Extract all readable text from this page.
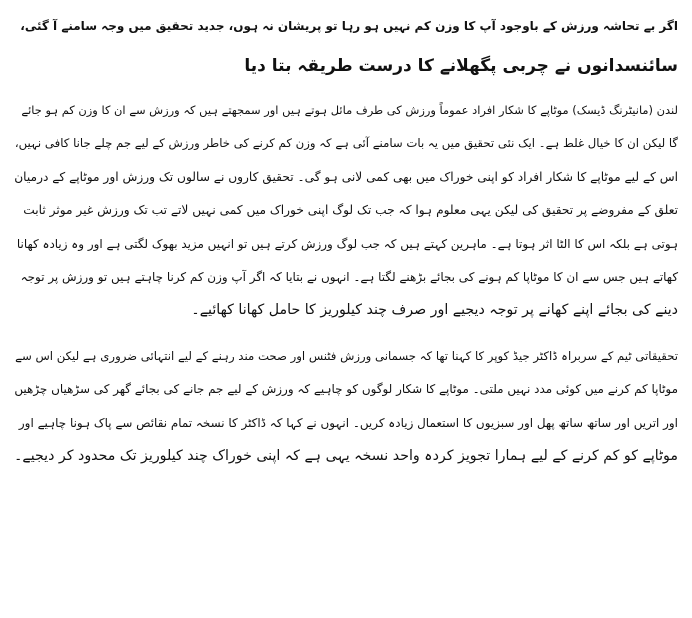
اگر بے تحاشہ ورزش کے باوجود آپ کا وزن کم نہیں ہو رہا تو پریشان نہ ہوں، جدید تحقیق میں وجہ سامنے آ گئی،
سائنسدانوں نے چربی پگھلانے کا درست طریقہ بتا دیا

لندن (مانیٹرنگ ڈیسک) موٹاپے کا شکار افراد عموماً ورزش کی طرف مائل ہوتے ہیں اور سمجھتے ہیں کہ ورزش سے ان کا وزن کم ہو جائے
گا لیکن ان کا خیال غلط ہے۔ ایک نئی تحقیق میں یہ بات سامنے آئی ہے کہ وزن کم کرنے کی خاطر ورزش کے لیے جم چلے جانا کافی نہیں،
اس کے لیے موٹاپے کا شکار افراد کو اپنی خوراک میں بھی کمی لانی ہو گی۔ تحقیق کاروں نے سالوں تک ورزش اور موٹاپے کے درمیان
تعلق کے مفروضے پر تحقیق کی لیکن یہی معلوم ہوا کہ جب تک لوگ اپنی خوراک میں کمی نہیں لاتے تب تک ورزش غیر موثر ثابت
ہوتی ہے بلکہ اس کا الٹا اثر ہوتا ہے۔ ماہرین کہتے ہیں کہ جب لوگ ورزش کرتے ہیں تو انہیں مزید بھوک لگتی ہے اور وہ زیادہ کھانا
کھاتے ہیں جس سے ان کا موٹاپا کم ہونے کی بجائے بڑھنے لگتا ہے۔ انہوں نے بتایا کہ اگر آپ وزن کم کرنا چاہتے ہیں تو ورزش پر توجہ
دینے کی بجائے اپنے کھانے پر توجہ دیجیے اور صرف چند کیلوریز کا حامل کھانا کھائیے۔

تحقیقاتی ٹیم کے سربراہ ڈاکٹر جیڈ کوپر کا کہنا تھا کہ جسمانی ورزش فٹنس اور صحت مند رہنے کے لیے انتہائی ضروری ہے لیکن اس سے
موٹاپا کم کرنے میں کوئی مدد نہیں ملتی۔ موٹاپے کا شکار لوگوں کو چاہیے کہ ورزش کے لیے جم جانے کی بجائے گھر کی سڑھیاں چڑھیں
اور اتریں اور ساتھ ساتھ پھل اور سبزیوں کا استعمال زیادہ کریں۔ انہوں نے کہا کہ ڈاکٹر کا نسخہ تمام نقائص سے پاک ہونا چاہیے اور
موٹاپے کو کم کرنے کے لیے ہمارا تجویز کردہ واحد نسخہ یہی ہے کہ اپنی خوراک چند کیلوریز تک محدود کر دیجیے۔
